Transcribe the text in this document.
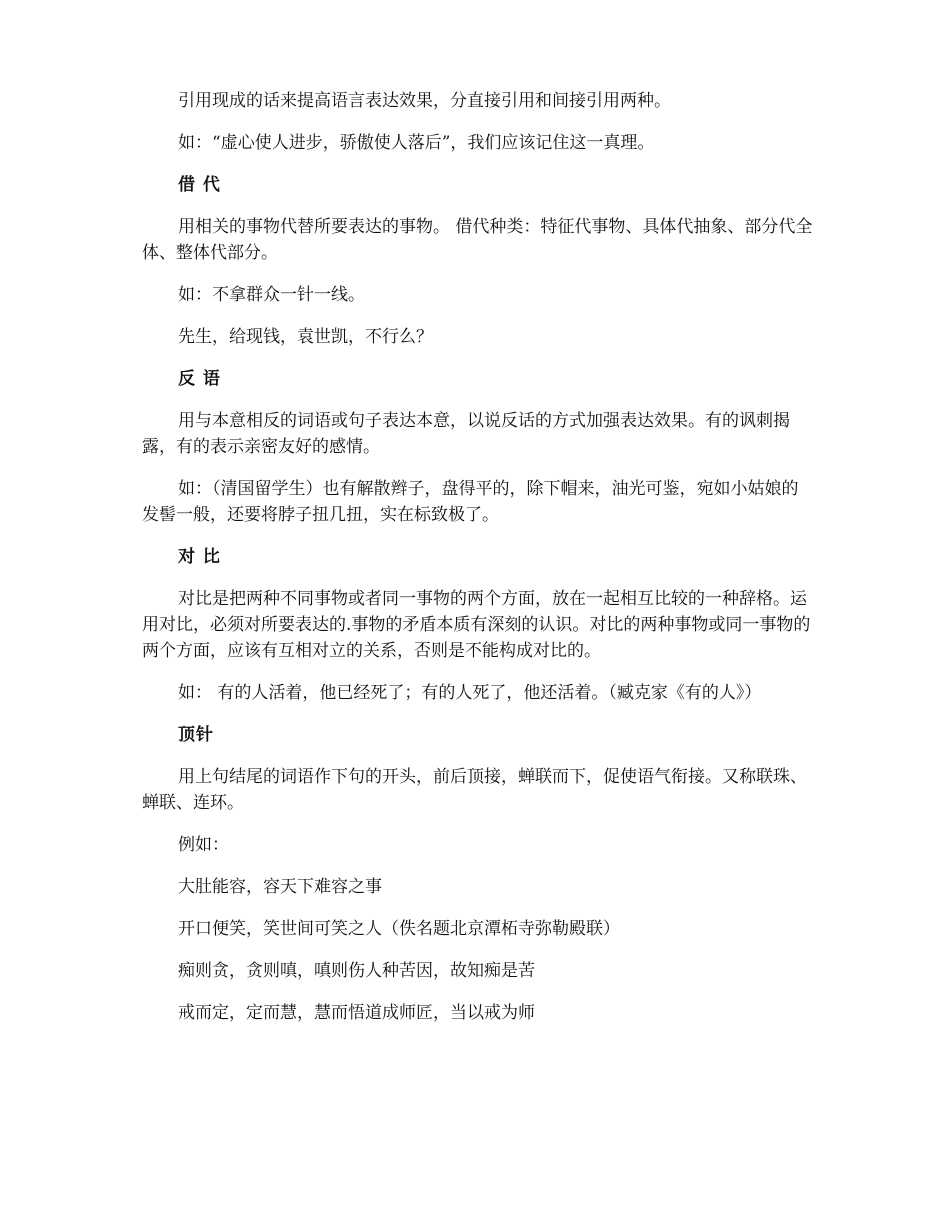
引用现成的话来提高语言表达效果，分直接引用和间接引用两种。

如：“虚心使人进步，骄傲使人落后”，我们应该记住这一真理。

借 代

用相关的事物代替所要表达的事物。 借代种类：特征代事物、具体代抽象、部分代全体、整体代部分。

如：不拿群众一针一线。

先生，给现钱，袁世凯，不行么？

反 语

用与本意相反的词语或句子表达本意，以说反话的方式加强表达效果。有的讽刺揭露，有的表示亲密友好的感情。

如：（清国留学生）也有解散辫子，盘得平的，除下帽来，油光可鉴，宛如小姑娘的发髻一般，还要将脖子扭几扭，实在标致极了。

对 比

对比是把两种不同事物或者同一事物的两个方面，放在一起相互比较的一种辞格。运用对比，必须对所要表达的.事物的矛盾本质有深刻的认识。对比的两种事物或同一事物的两个方面，应该有互相对立的关系，否则是不能构成对比的。

如： 有的人活着，他已经死了；有的人死了，他还活着。（臧克家《有的人》）

顶针

用上句结尾的词语作下句的开头，前后顶接，蝉联而下，促使语气衔接。又称联珠、蝉联、连环。

例如：

大肚能容，容天下难容之事

开口便笑，笑世间可笑之人（佚名题北京潭柘寺弥勒殿联）

痴则贪，贪则嗔，嗔则伤人种苦因，故知痴是苦

戒而定，定而慧，慧而悟道成师匠，当以戒为师
